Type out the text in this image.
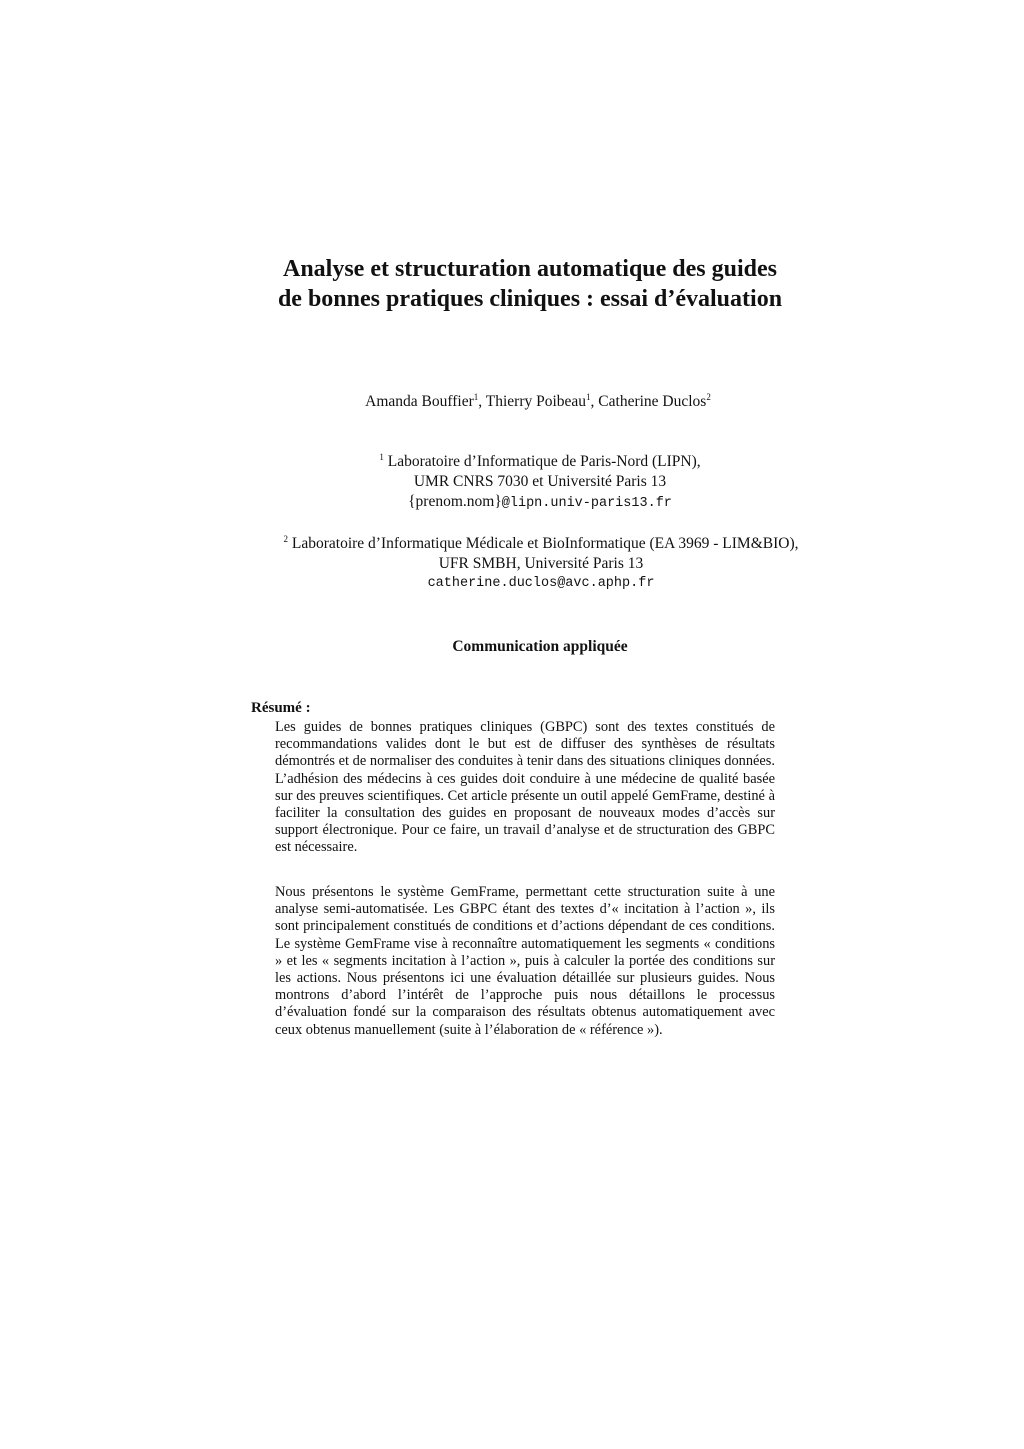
Analyse et structuration automatique des guides
de bonnes pratiques cliniques : essai d’évaluation
Amanda Bouffier$^1$, Thierry Poibeau$^1$, Catherine Duclos$^2$
$^1$ Laboratoire d’Informatique de Paris-Nord (LIPN),
UMR CNRS 7030 et Université Paris 13
{prenom.nom}@lipn.univ-paris13.fr
$^2$ Laboratoire d’Informatique Médicale et BioInformatique (EA 3969 - LIM&BIO),
UFR SMBH, Université Paris 13
catherine.duclos@avc.aphp.fr
Communication appliquée
Résumé :

Les guides de bonnes pratiques cliniques (GBPC) sont des textes constitués de recommandations valides dont le but est de diffuser des synthèses de résultats démontrés et de normaliser des conduites à tenir dans des situations cliniques données. L’adhésion des médecins à ces guides doit conduire à une médecine de qualité basée sur des preuves scientifiques. Cet article présente un outil appelé GemFrame, destiné à faciliter la consultation des guides en proposant de nouveaux modes d’accès sur support électronique. Pour ce faire, un travail d’analyse et de structuration des GBPC est nécessaire.

Nous présentons le système GemFrame, permettant cette structuration suite à une analyse semi-automatisée. Les GBPC étant des textes d’« incitation à l’action », ils sont principalement constitués de conditions et d’actions dépendant de ces conditions. Le système GemFrame vise à reconnaître automatiquement les segments « conditions » et les « segments incitation à l’action », puis à calculer la portée des conditions sur les actions. Nous présentons ici une évaluation détaillée sur plusieurs guides. Nous montrons d’abord l’intérêt de l’approche puis nous détaillons le processus d’évaluation fondé sur la comparaison des résultats obtenus automatiquement avec ceux obtenus manuellement (suite à l’élaboration de « référence »).
